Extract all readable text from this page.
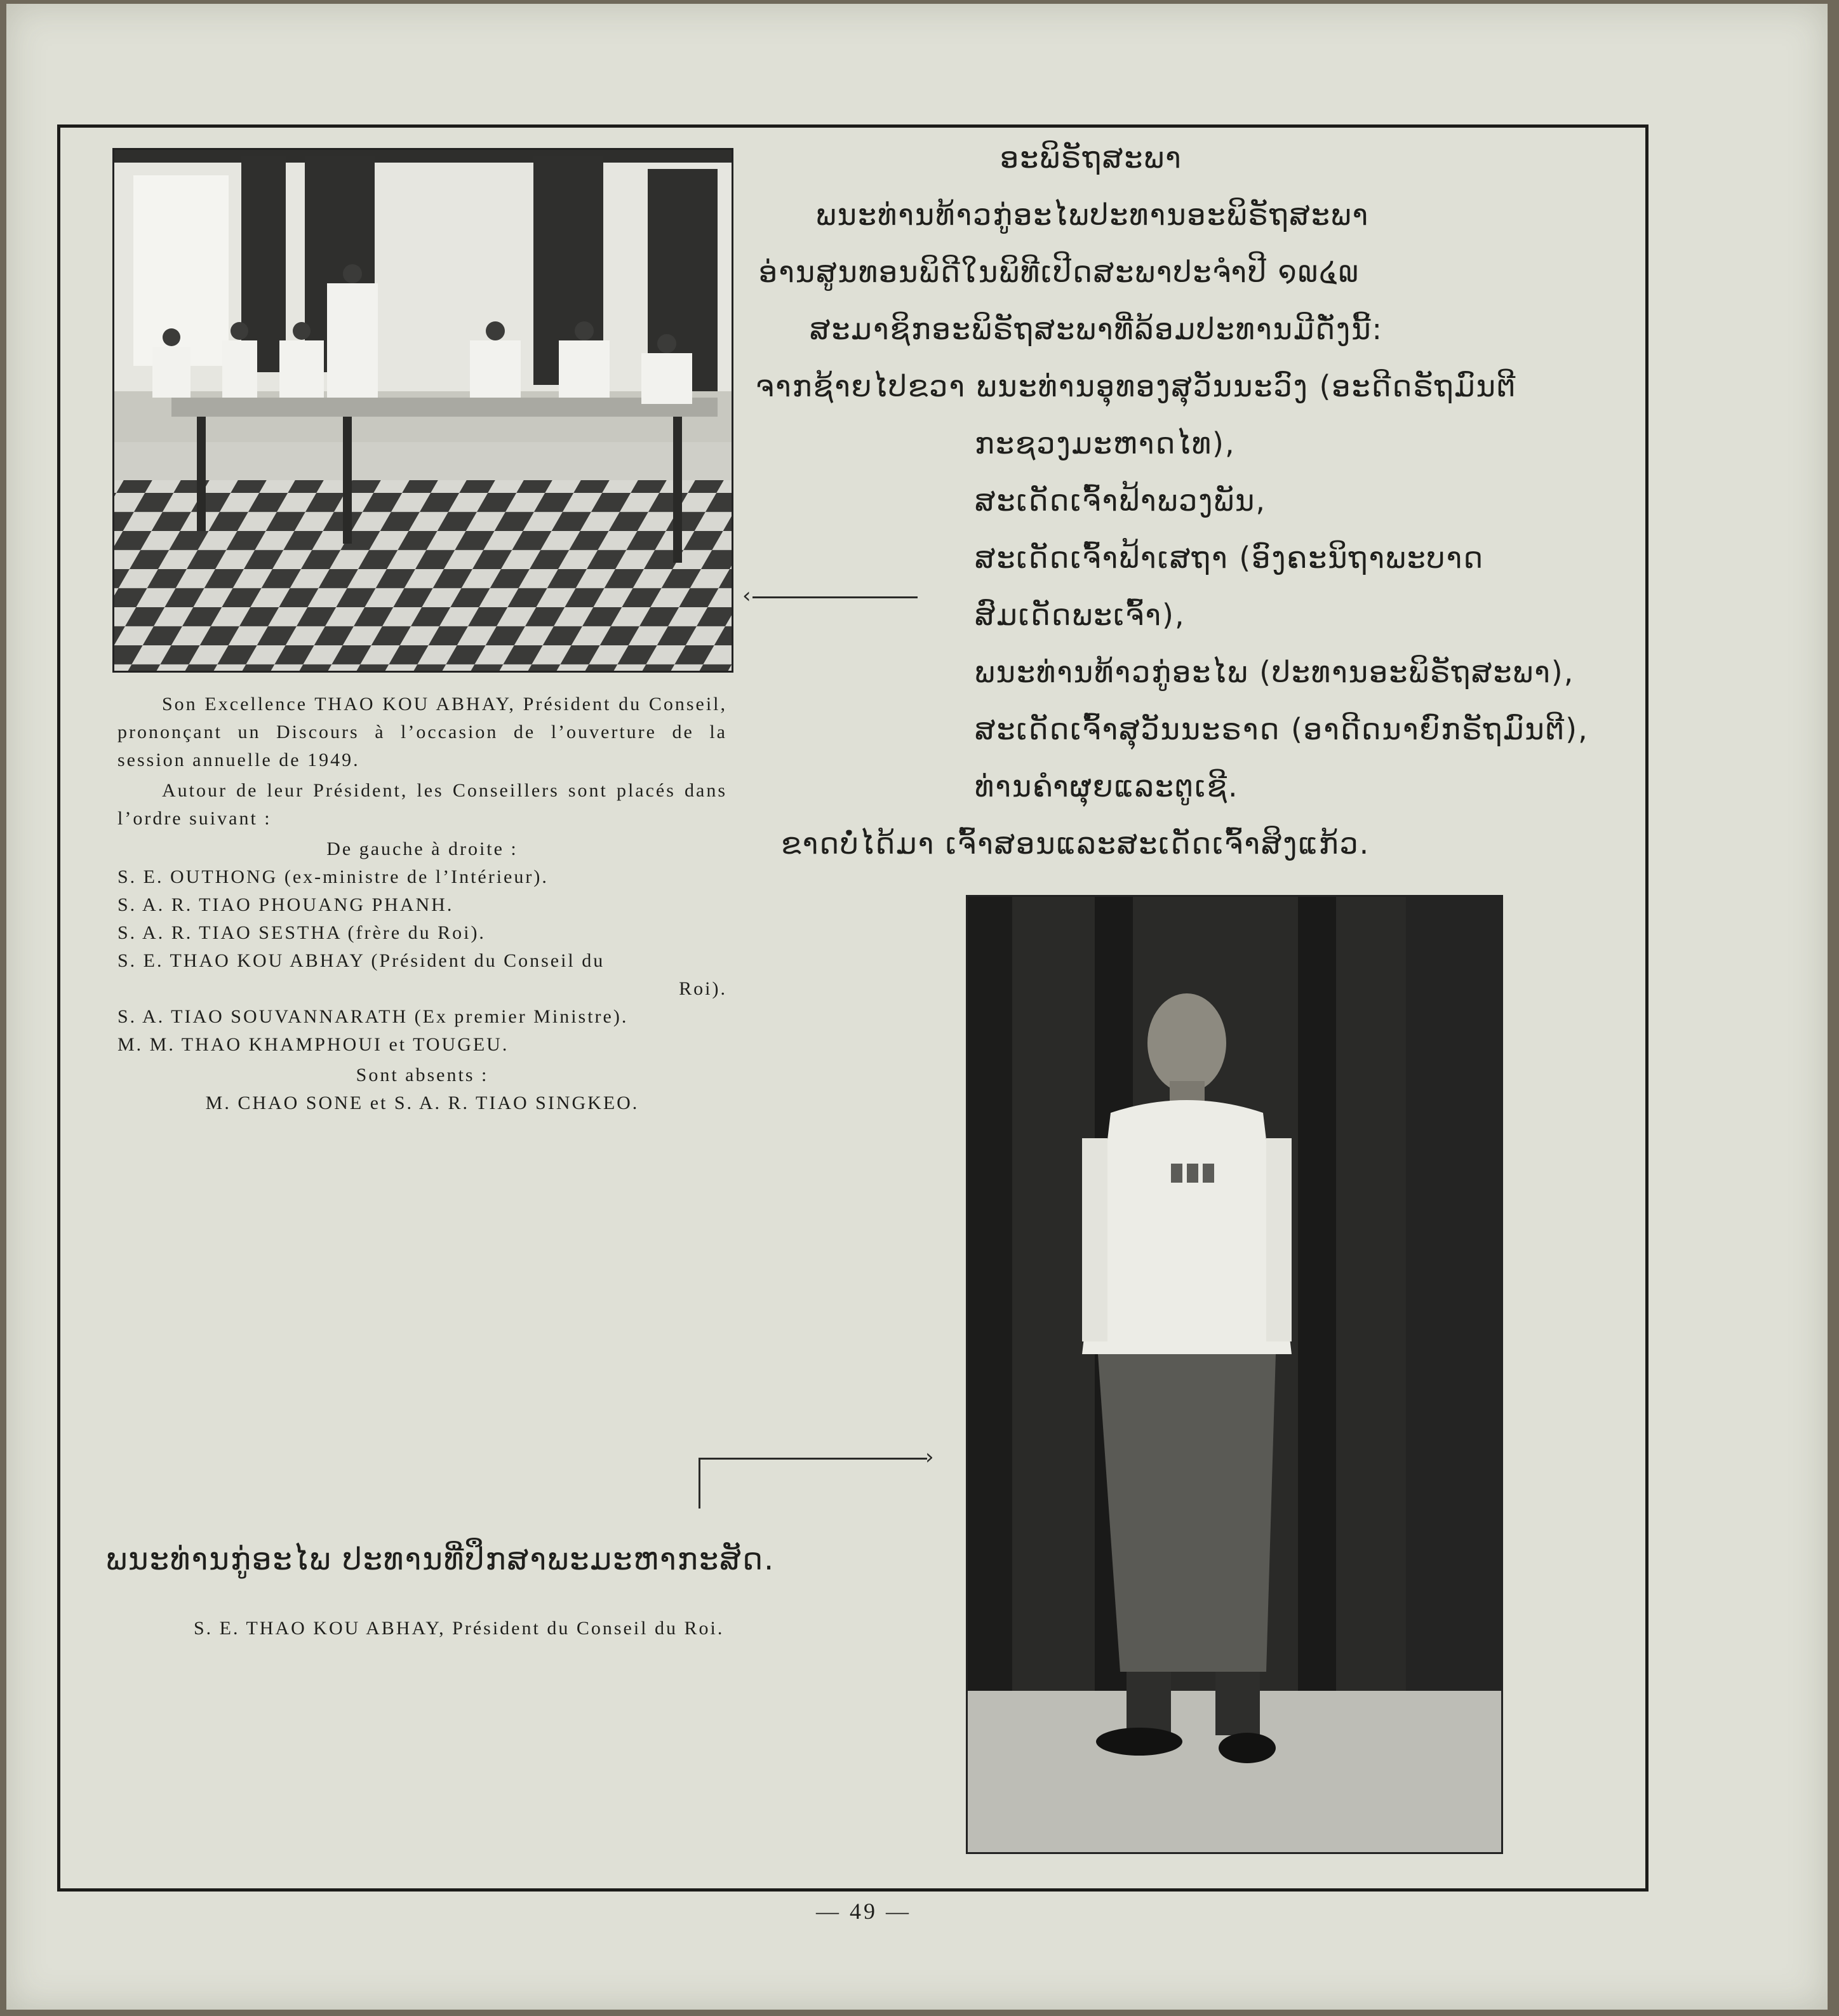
Son Excellence THAO KOU ABHAY, Président du Conseil, prononçant un Discours à l’occasion de l’ouverture de la session annuelle de 1949.

Autour de leur Président, les Conseillers sont placés dans l’ordre suivant :

De gauche à droite :

S. E. OUTHONG (ex-ministre de l’Intérieur).

S. A. R. TIAO PHOUANG PHANH.

S. A. R. TIAO SESTHA (frère du Roi).

S. E. THAO KOU ABHAY (Président du Conseil du

Roi).

S. A. TIAO SOUVANNARATH (Ex premier Ministre).

M. M. THAO KHAMPHOUI et TOUGEU.

Sont absents :

M. CHAO SONE et S. A. R. TIAO SINGKEO.

ອະພິຣັຖສະພາ
ພນະທ່ານທ້າວກູ່ອະໄພປະທານອະພິຣັຖສະພາ
ອ່ານສູນທອນພິດີໃນພິທີເປີດສະພາປະຈຳປີ ໑໙໔໙
ສະມາຊິກອະພິຣັຖສະພາທີ່ລ້ອມປະທານມີດັ່ງນີ້:
ຈາກຊ້າຍໄປຂວາ ພນະທ່ານອຸທອງສຸວັນນະວົງ (ອະດີດຣັຖມົນຕີ
ກະຊວງມະຫາດໄທ),
ສະເດັດເຈົ້າຟ້າພວງພັນ,
ສະເດັດເຈົ້າຟ້າເສຖາ (ອົງຄະນິຖາພະບາດ
ສົມເດັດພະເຈົ້າ),
ພນະທ່ານທ້າວກູ່ອະໄພ (ປະທານອະພິຣັຖສະພາ),
ສະເດັດເຈົ້າສຸວັນນະຣາດ (ອາດີດນາຍົກຣັຖມົນຕີ),
ທ່ານຄຳຜຸຍແລະຕູເຊີ.
ຂາດບໍ່ໄດ້ມາ ເຈົ້າສອນແລະສະເດັດເຈົ້າສິງແກ້ວ.
‹
›
ພນະທ່ານກູ່ອະໄພ ປະທານທີ່ປຶກສາພະມະຫາກະສັດ.
S. E. THAO KOU ABHAY, Président du Conseil du Roi.
— 49 —
